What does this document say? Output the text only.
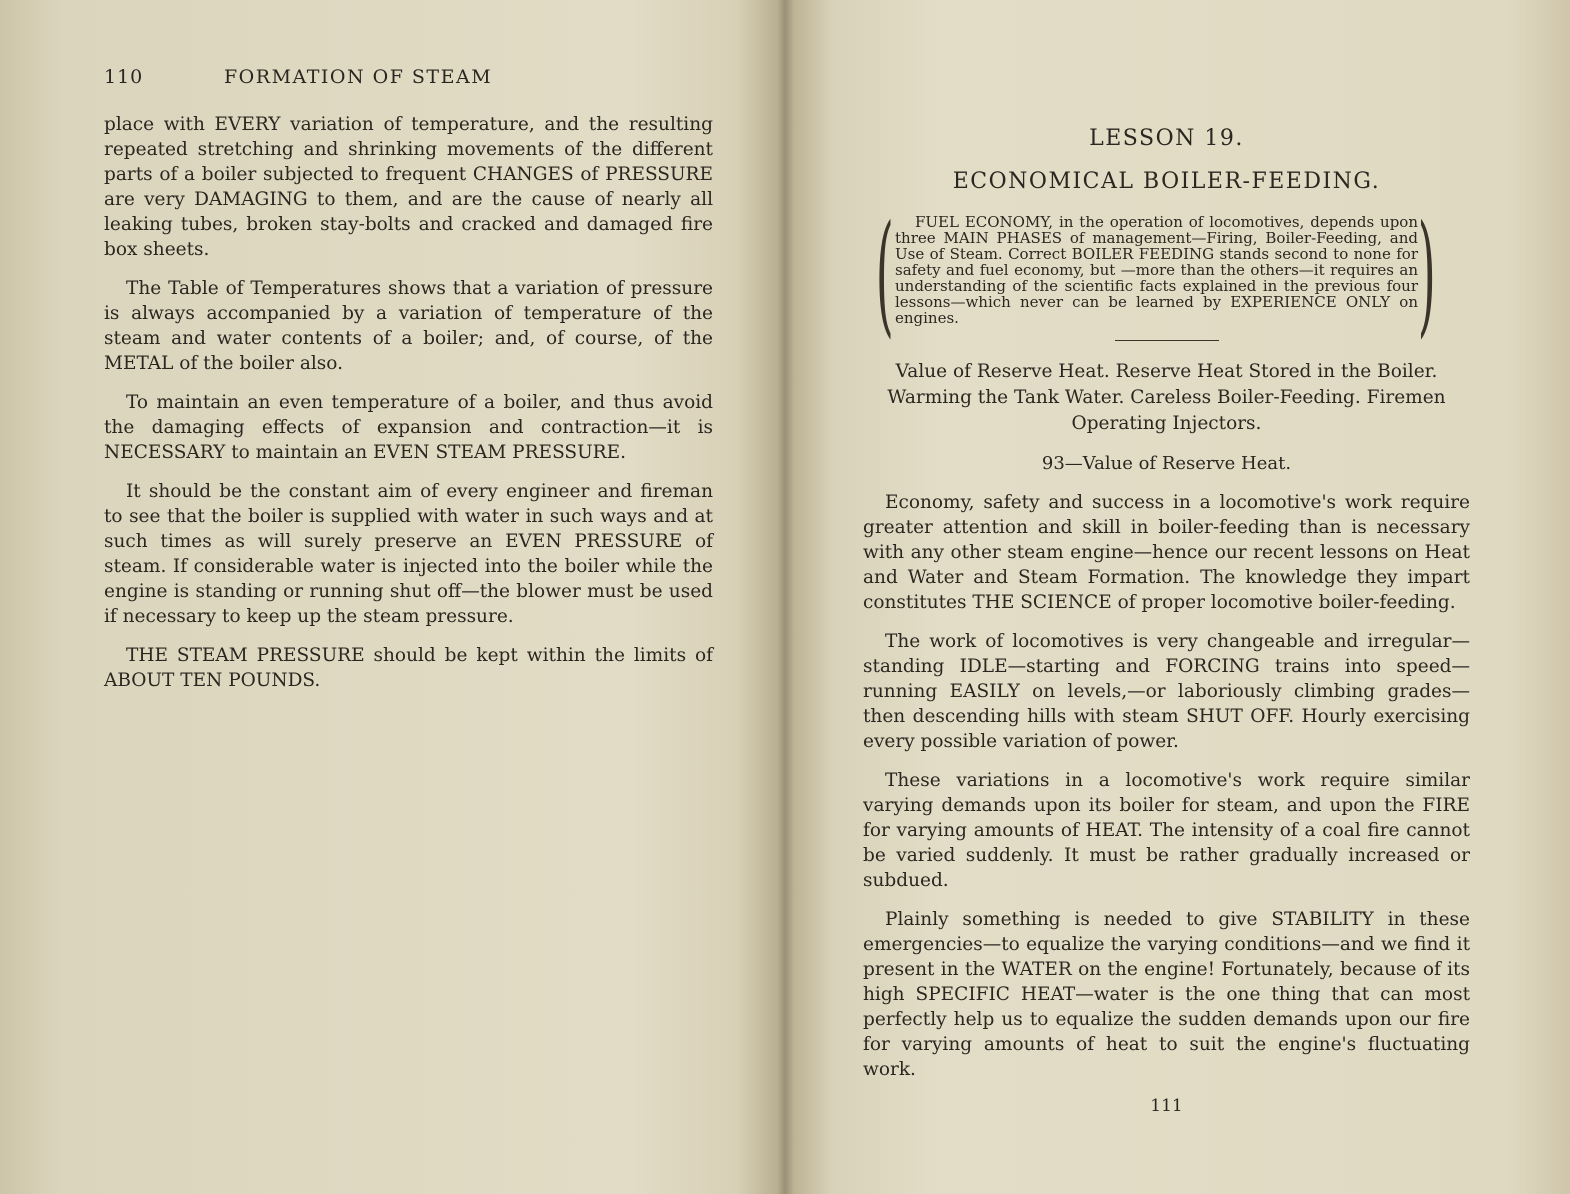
110	FORMATION OF STEAM

place with EVERY variation of temperature, and the resulting repeated stretching and shrinking movements of the different parts of a boiler subjected to frequent CHANGES of PRESSURE are very DAMAGING to them, and are the cause of nearly all leaking tubes, broken stay-bolts and cracked and damaged fire box sheets.

The Table of Temperatures shows that a variation of pressure is always accompanied by a variation of temperature of the steam and water contents of a boiler; and, of course, of the METAL of the boiler also.

To maintain an even temperature of a boiler, and thus avoid the damaging effects of expansion and contraction—it is NECESSARY to maintain an EVEN STEAM PRESSURE.

It should be the constant aim of every engineer and fireman to see that the boiler is supplied with water in such ways and at such times as will surely preserve an EVEN PRESSURE of steam. If considerable water is injected into the boiler while the engine is standing or running shut off—the blower must be used if necessary to keep up the steam pressure.

THE STEAM PRESSURE should be kept within the limits of ABOUT TEN POUNDS.

LESSON 19.
ECONOMICAL BOILER-FEEDING.
(	FUEL ECONOMY, in the operation of locomotives, depends upon three MAIN PHASES of management—Firing, Boiler-Feeding, and Use of Steam. Correct BOILER FEEDING stands second to none for safety and fuel economy, but —more than the others—it requires an understanding of the scientific facts explained in the previous four lessons—which never can be learned by EXPERIENCE ONLY on engines.	)

Value of Reserve Heat. Reserve Heat Stored in the Boiler. Warming the Tank Water. Careless Boiler-Feeding. Firemen Operating Injectors.

93—Value of Reserve Heat.

Economy, safety and success in a locomotive's work require greater attention and skill in boiler-feeding than is necessary with any other steam engine—hence our recent lessons on Heat and Water and Steam Formation. The knowledge they impart constitutes THE SCIENCE of proper locomotive boiler-feeding.

The work of locomotives is very changeable and irregular—standing IDLE—starting and FORCING trains into speed—running EASILY on levels,—or laboriously climbing grades—then descending hills with steam SHUT OFF. Hourly exercising every possible variation of power.

These variations in a locomotive's work require similar varying demands upon its boiler for steam, and upon the FIRE for varying amounts of HEAT. The intensity of a coal fire cannot be varied suddenly. It must be rather gradually increased or subdued.

Plainly something is needed to give STABILITY in these emergencies—to equalize the varying conditions—and we find it present in the WATER on the engine! Fortunately, because of its high SPECIFIC HEAT—water is the one thing that can most perfectly help us to equalize the sudden demands upon our fire for varying amounts of heat to suit the engine's fluctuating work.

111
